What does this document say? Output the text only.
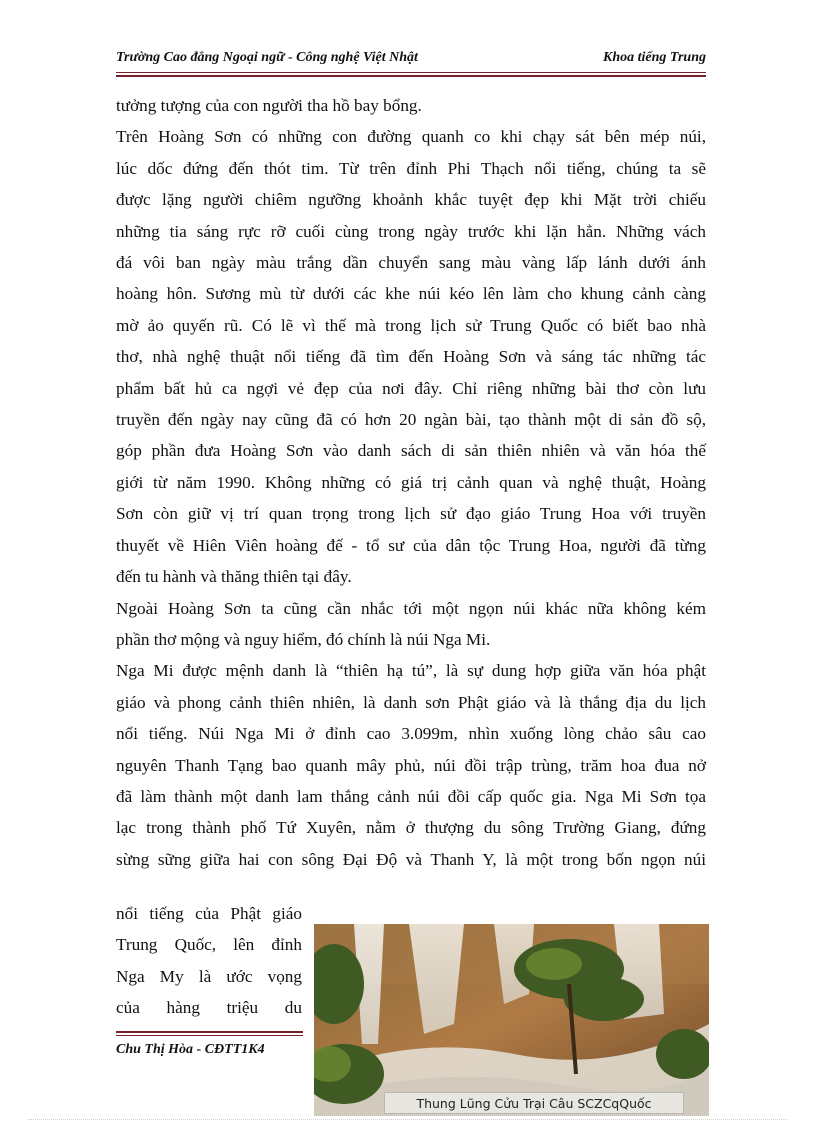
Trường Cao đẳng Ngoại ngữ - Công nghệ Việt Nhật	Khoa tiếng Trung

tưởng tượng của con người tha hồ bay bổng.

Trên Hoàng Sơn có những con đường quanh co khi chạy sát bên mép núi,
lúc dốc đứng đến thót tim. Từ trên đỉnh Phi Thạch nổi tiếng, chúng ta sẽ
được lặng người chiêm ngưỡng khoảnh khắc tuyệt đẹp khi Mặt trời chiếu
những tia sáng rực rỡ cuối cùng trong ngày trước khi lặn hẳn. Những vách
đá vôi ban ngày màu trắng dần chuyển sang màu vàng lấp lánh dưới ánh
hoàng hôn. Sương mù từ dưới các khe núi kéo lên làm cho khung cảnh càng
mờ ảo quyến rũ. Có lẽ vì thế mà trong lịch sử Trung Quốc có biết bao nhà
thơ, nhà nghệ thuật nổi tiếng đã tìm đến Hoàng Sơn và sáng tác những tác
phẩm bất hủ ca ngợi vẻ đẹp của nơi đây. Chỉ riêng những bài thơ còn lưu
truyền đến ngày nay cũng đã có hơn 20 ngàn bài, tạo thành một di sản đồ sộ,
góp phần đưa Hoàng Sơn vào danh sách di sản thiên nhiên và văn hóa thế
giới từ năm 1990. Không những có giá trị cảnh quan và nghệ thuật, Hoàng
Sơn còn giữ vị trí quan trọng trong lịch sử đạo giáo Trung Hoa với truyền
thuyết về Hiên Viên hoàng đế - tổ sư của dân tộc Trung Hoa, người đã từng
đến tu hành và thăng thiên tại đây.

Ngoài Hoàng Sơn ta cũng cần nhắc tới một ngọn núi khác nữa không kém
phần thơ mộng và nguy hiểm, đó chính là núi Nga Mi.

Nga Mi được mệnh danh là “thiên hạ tú”, là sự dung hợp giữa văn hóa phật
giáo và phong cảnh thiên nhiên, là danh sơn Phật giáo và là thắng địa du lịch
nổi tiếng. Núi Nga Mi ở đỉnh cao 3.099m, nhìn xuống lòng chảo sâu cao
nguyên Thanh Tạng bao quanh mây phủ, núi đồi trập trùng, trăm hoa đua nở
đã làm thành một danh lam thắng cảnh núi đồi cấp quốc gia. Nga Mi Sơn tọa
lạc trong thành phố Tứ Xuyên, nằm ở thượng du sông Trường Giang, đứng
sừng sững giữa hai con sông Đại Độ và Thanh Y, là một trong bốn ngọn núi

nổi tiếng của Phật giáo
Trung Quốc, lên đỉnh
Nga My là ước vọng
của hàng triệu du
Thung Lũng Cửu Trại Câu SCZCqQuốc
Chu Thị Hòa - CĐTT1K4
